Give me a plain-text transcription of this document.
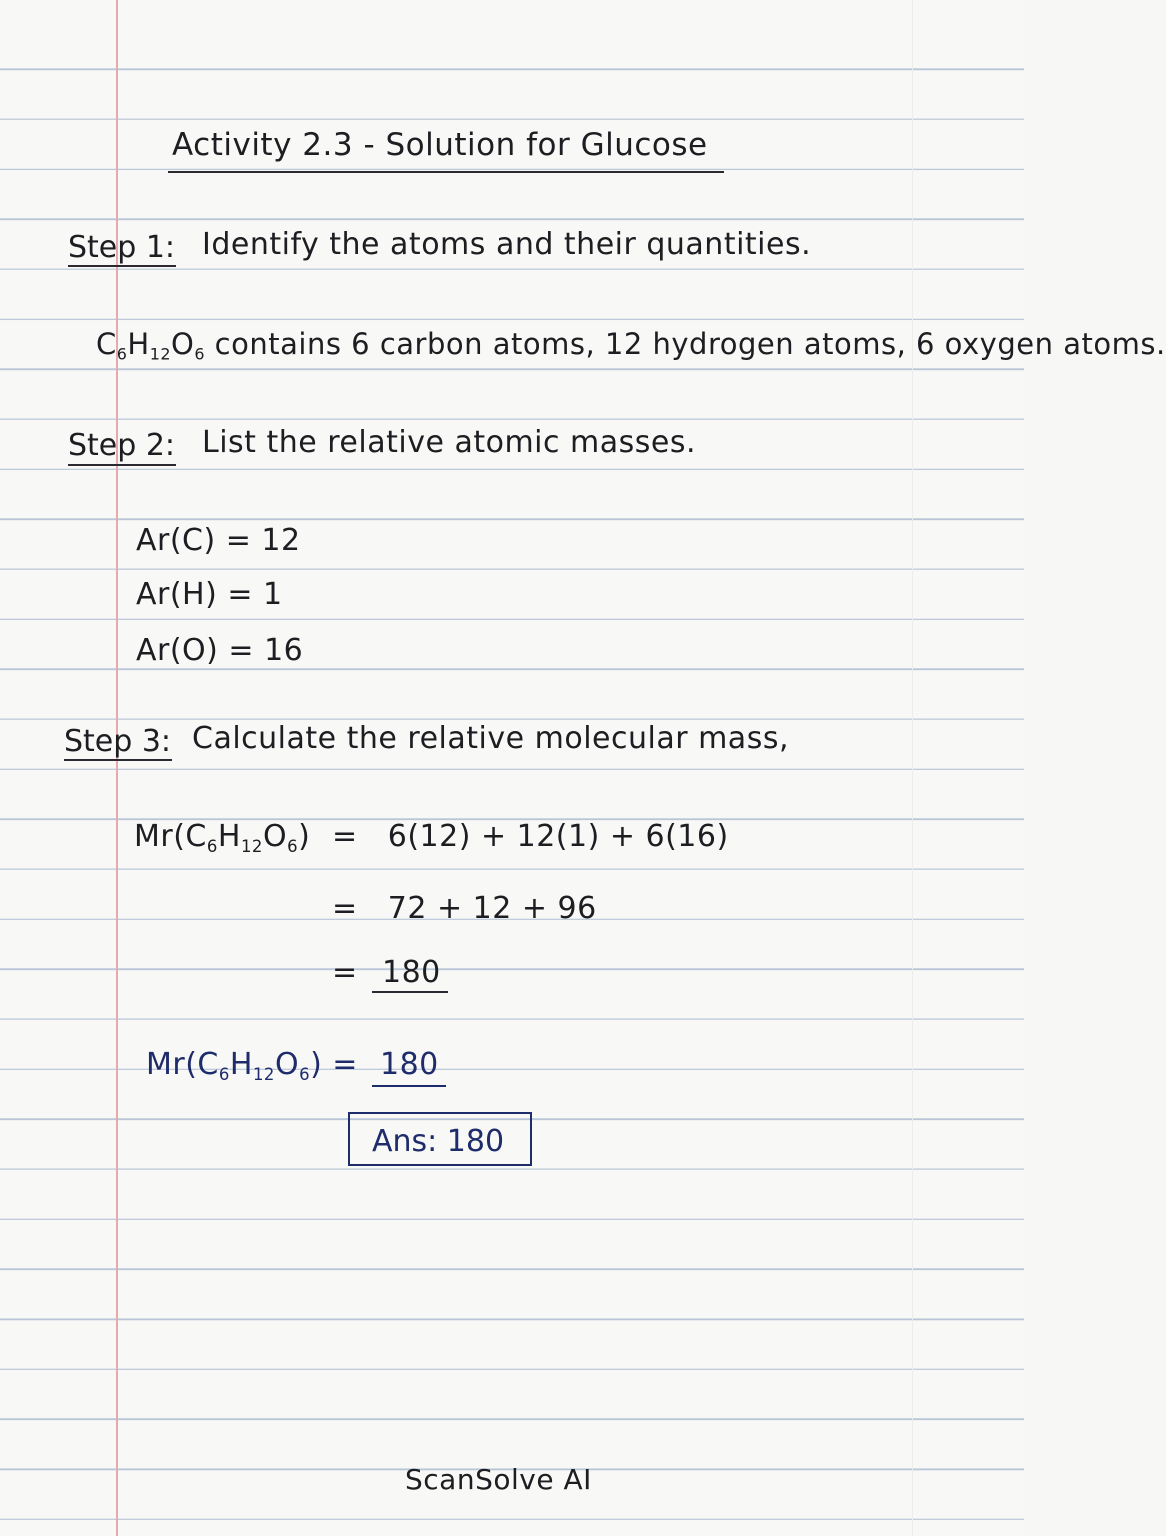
Activity 2.3 - Solution for Glucose
Step 1: Identify the atoms and their quantities.
$C_6H_{12}O_6$ contains 6 carbon atoms, 12 hydrogen atoms, 6 oxygen atoms.
Step 2: List the relative atomic masses.
Ar(C) = 12
Ar(H) = 1
Ar(O) = 16
Step 3: Calculate the relative molecular mass,
$Mr(C_6H_{12}O_6) = 6(12) + 12(1) + 6(16)$
=   72 + 12 + 96
= 180
$Mr(C_6H_{12}O_6) = 180$
Ans: 180
ScanSolve AI
